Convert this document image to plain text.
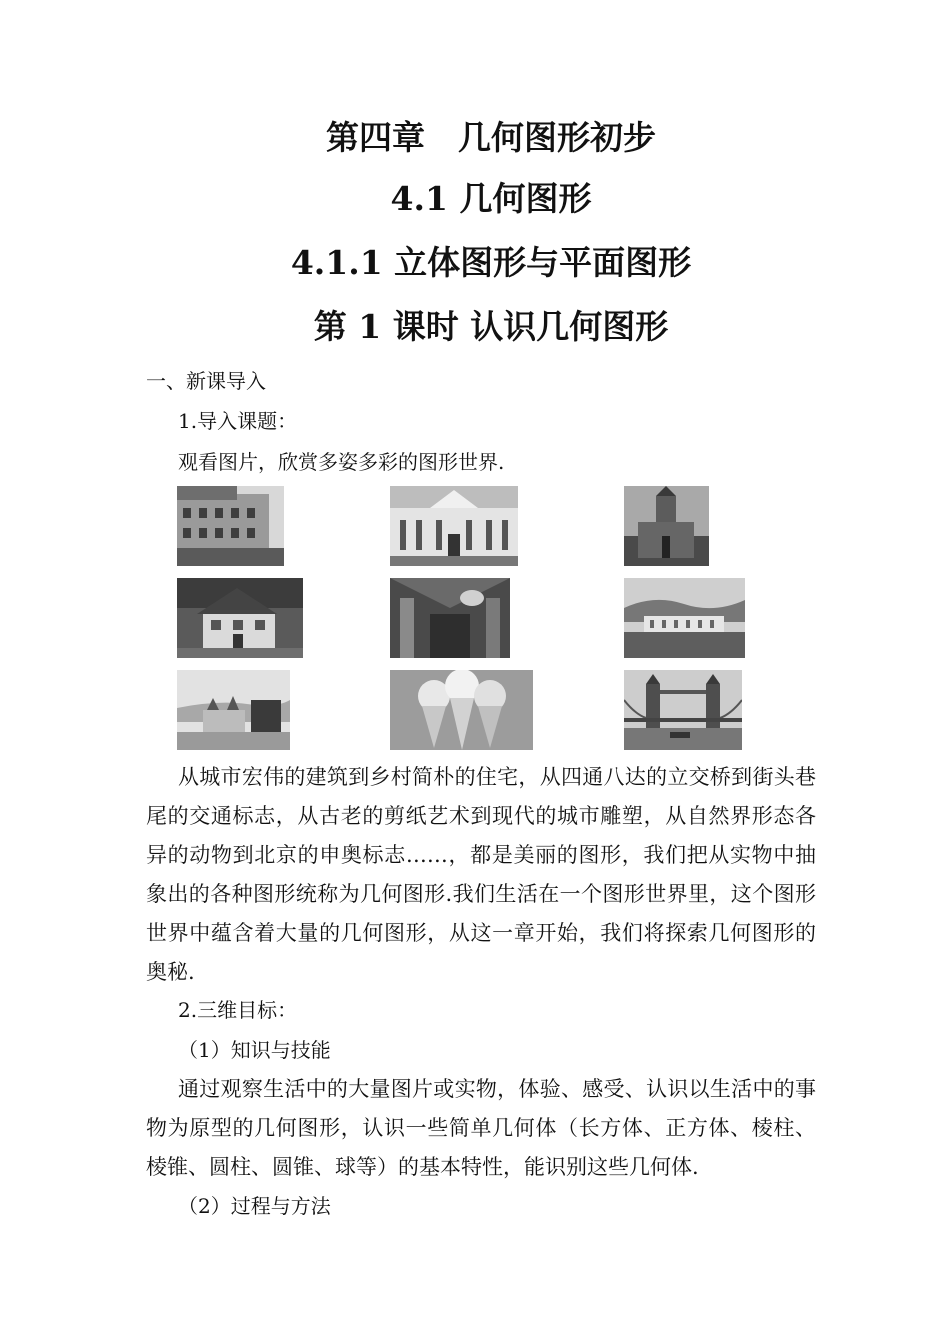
第四章　几何图形初步
4.1 几何图形
4.1.1 立体图形与平面图形
第 1 课时 认识几何图形

一、新课导入

1.导入课题：

观看图片，欣赏多姿多彩的图形世界.

从城市宏伟的建筑到乡村简朴的住宅，从四通八达的立交桥到街头巷尾的交通标志，从古老的剪纸艺术到现代的城市雕塑，从自然界形态各异的动物到北京的申奥标志……，都是美丽的图形，我们把从实物中抽象出的各种图形统称为几何图形.我们生活在一个图形世界里，这个图形世界中蕴含着大量的几何图形，从这一章开始，我们将探索几何图形的奥秘.

2.三维目标：

（1）知识与技能

通过观察生活中的大量图片或实物，体验、感受、认识以生活中的事物为原型的几何图形，认识一些简单几何体（长方体、正方体、棱柱、棱锥、圆柱、圆锥、球等）的基本特性，能识别这些几何体.

（2）过程与方法
